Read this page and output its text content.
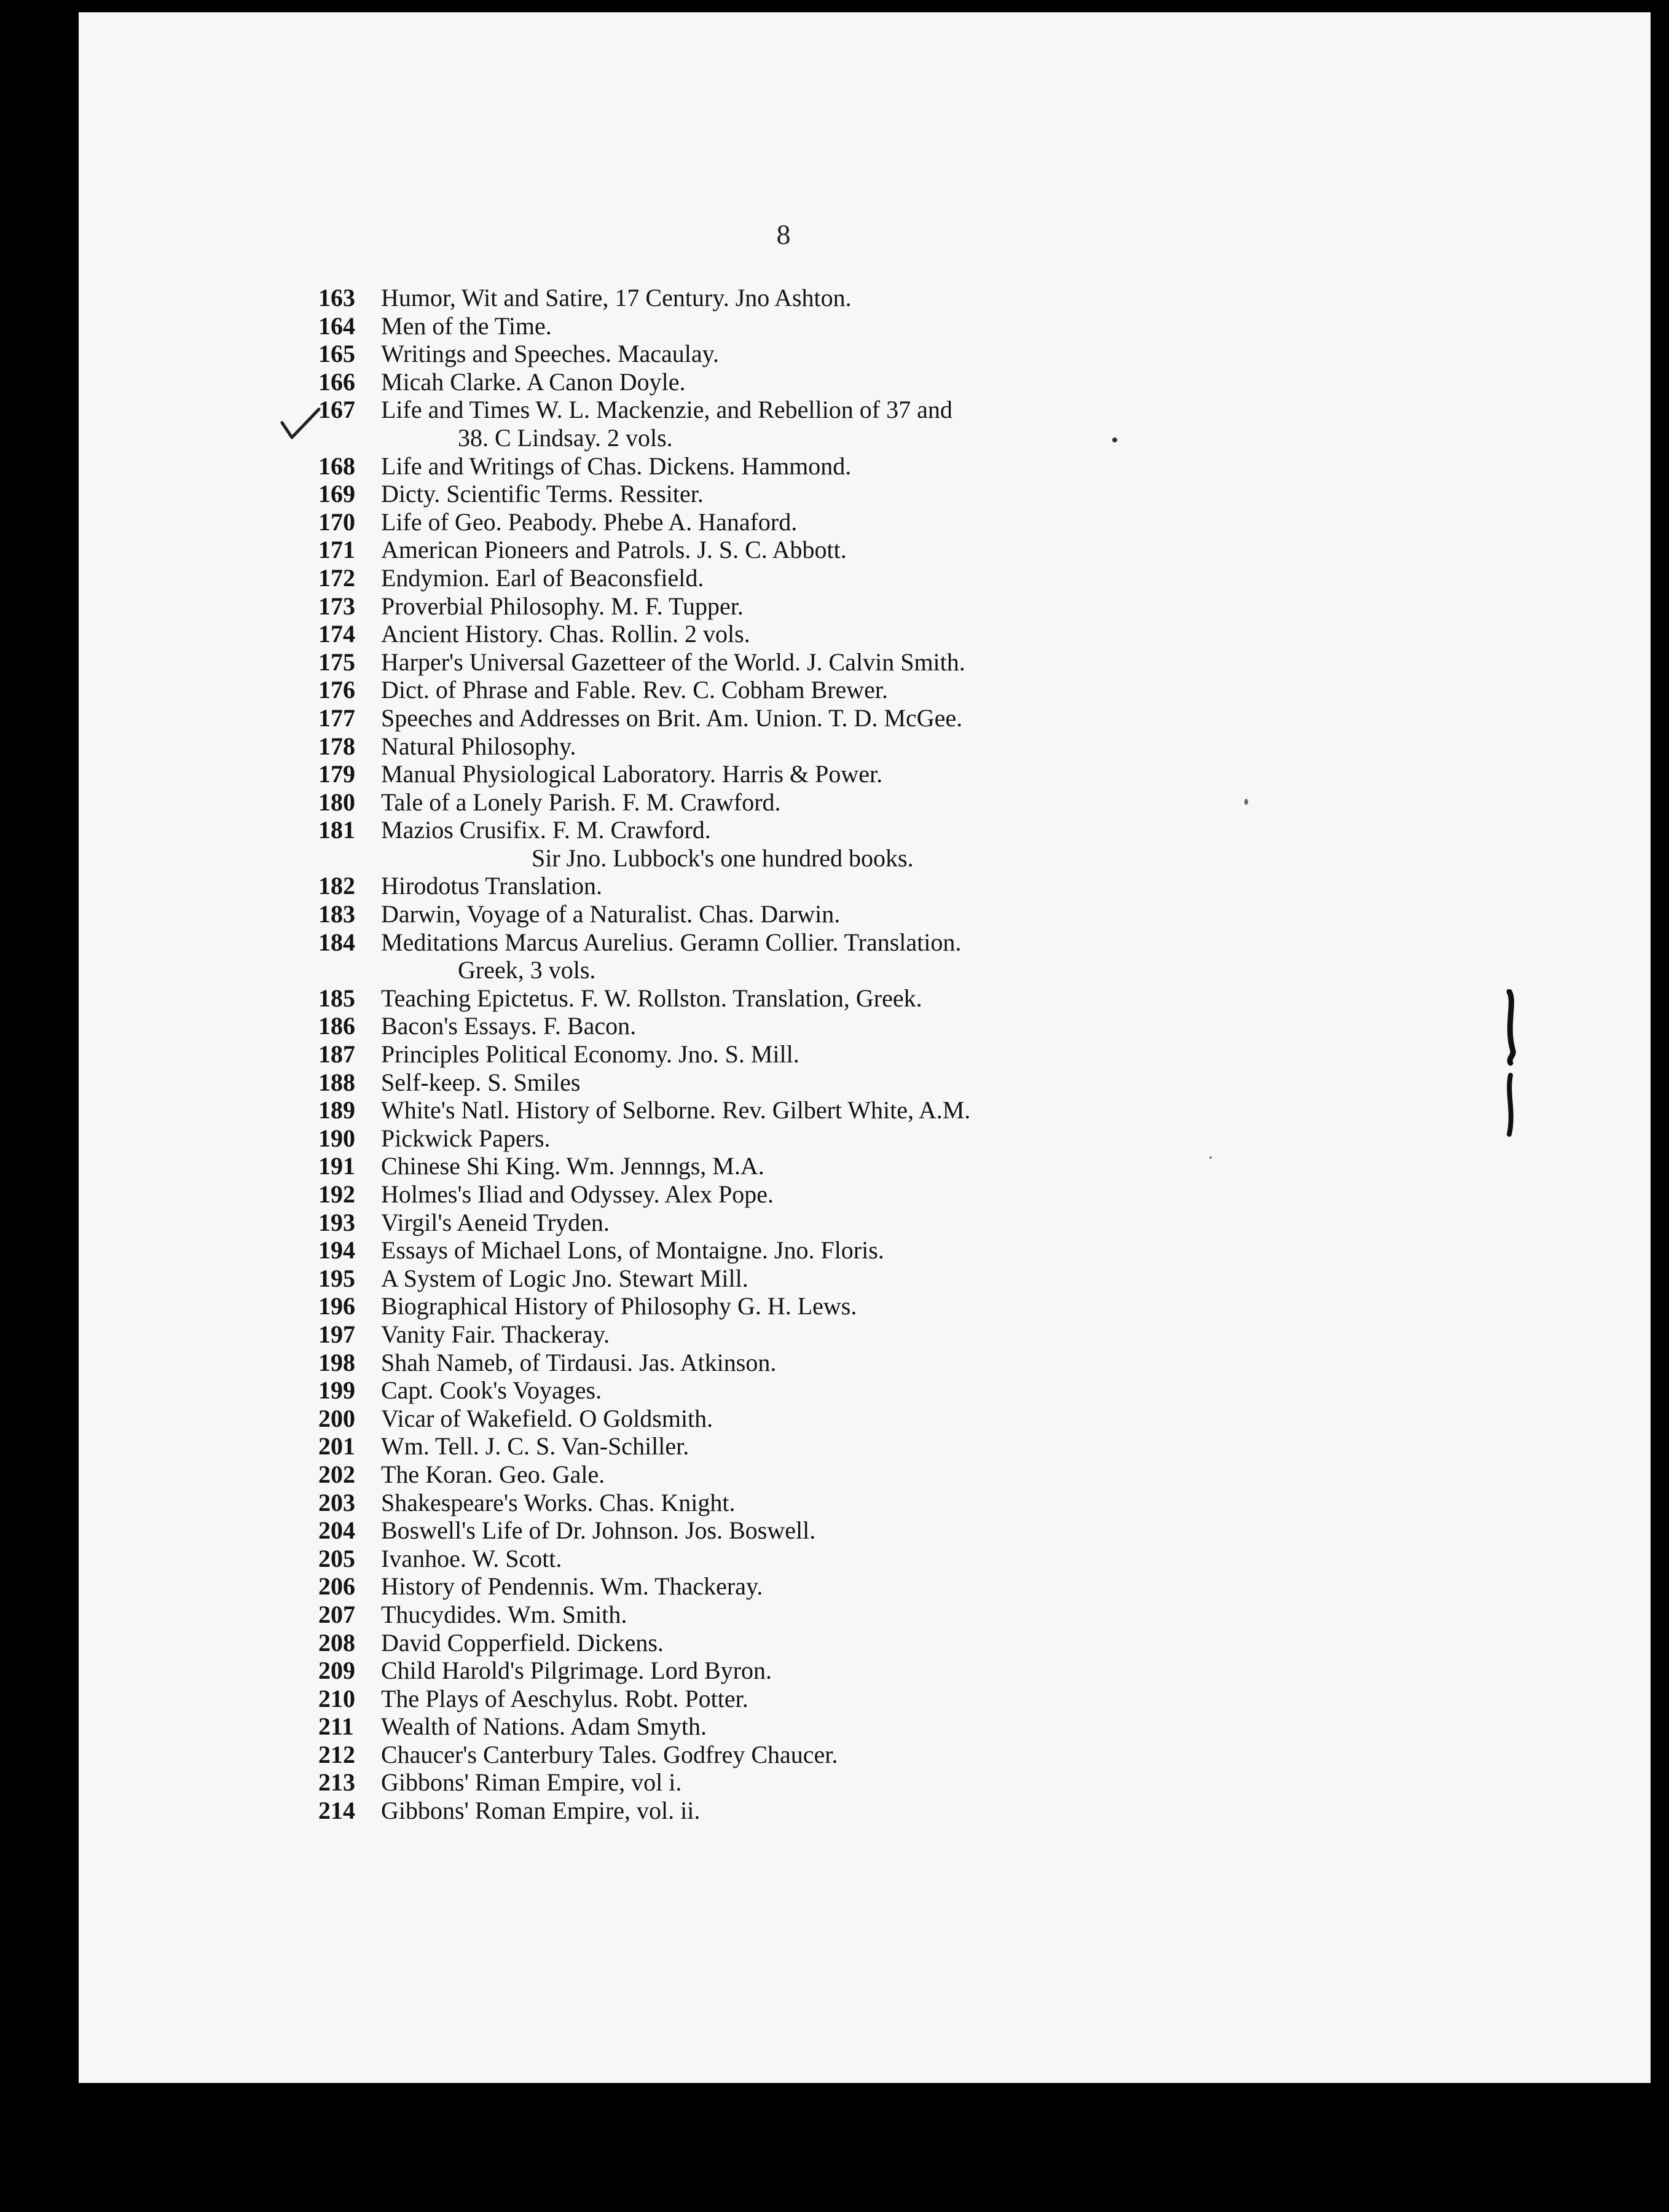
8
163	Humor, Wit and Satire, 17 Century. Jno Ashton.
164	Men of the Time.
165	Writings and Speeches. Macaulay.
166	Micah Clarke. A Canon Doyle.
167	Life and Times W. L. Mackenzie, and Rebellion of 37 and
38. C Lindsay. 2 vols.
168	Life and Writings of Chas. Dickens. Hammond.
169	Dicty. Scientific Terms. Ressiter.
170	Life of Geo. Peabody. Phebe A. Hanaford.
171	American Pioneers and Patrols. J. S. C. Abbott.
172	Endymion. Earl of Beaconsfield.
173	Proverbial Philosophy. M. F. Tupper.
174	Ancient History. Chas. Rollin. 2 vols.
175	Harper's Universal Gazetteer of the World. J. Calvin Smith.
176	Dict. of Phrase and Fable. Rev. C. Cobham Brewer.
177	Speeches and Addresses on Brit. Am. Union. T. D. McGee.
178	Natural Philosophy.
179	Manual Physiological Laboratory. Harris & Power.
180	Tale of a Lonely Parish. F. M. Crawford.
181	Mazios Crusifix. F. M. Crawford.
Sir Jno. Lubbock's one hundred books.
182	Hirodotus Translation.
183	Darwin, Voyage of a Naturalist. Chas. Darwin.
184	Meditations Marcus Aurelius. Geramn Collier. Translation.
Greek, 3 vols.
185	Teaching Epictetus. F. W. Rollston. Translation, Greek.
186	Bacon's Essays. F. Bacon.
187	Principles Political Economy. Jno. S. Mill.
188	Self-keep. S. Smiles
189	White's Natl. History of Selborne. Rev. Gilbert White, A.M.
190	Pickwick Papers.
191	Chinese Shi King. Wm. Jennngs, M.A.
192	Holmes's Iliad and Odyssey. Alex Pope.
193	Virgil's Aeneid Tryden.
194	Essays of Michael Lons, of Montaigne. Jno. Floris.
195	A System of Logic Jno. Stewart Mill.
196	Biographical History of Philosophy G. H. Lews.
197	Vanity Fair. Thackeray.
198	Shah Nameb, of Tirdausi. Jas. Atkinson.
199	Capt. Cook's Voyages.
200	Vicar of Wakefield. O Goldsmith.
201	Wm. Tell. J. C. S. Van-Schiller.
202	The Koran. Geo. Gale.
203	Shakespeare's Works. Chas. Knight.
204	Boswell's Life of Dr. Johnson. Jos. Boswell.
205	Ivanhoe. W. Scott.
206	History of Pendennis. Wm. Thackeray.
207	Thucydides. Wm. Smith.
208	David Copperfield. Dickens.
209	Child Harold's Pilgrimage. Lord Byron.
210	The Plays of Aeschylus. Robt. Potter.
211	Wealth of Nations. Adam Smyth.
212	Chaucer's Canterbury Tales. Godfrey Chaucer.
213	Gibbons' Riman Empire, vol i.
214	Gibbons' Roman Empire, vol. ii.
